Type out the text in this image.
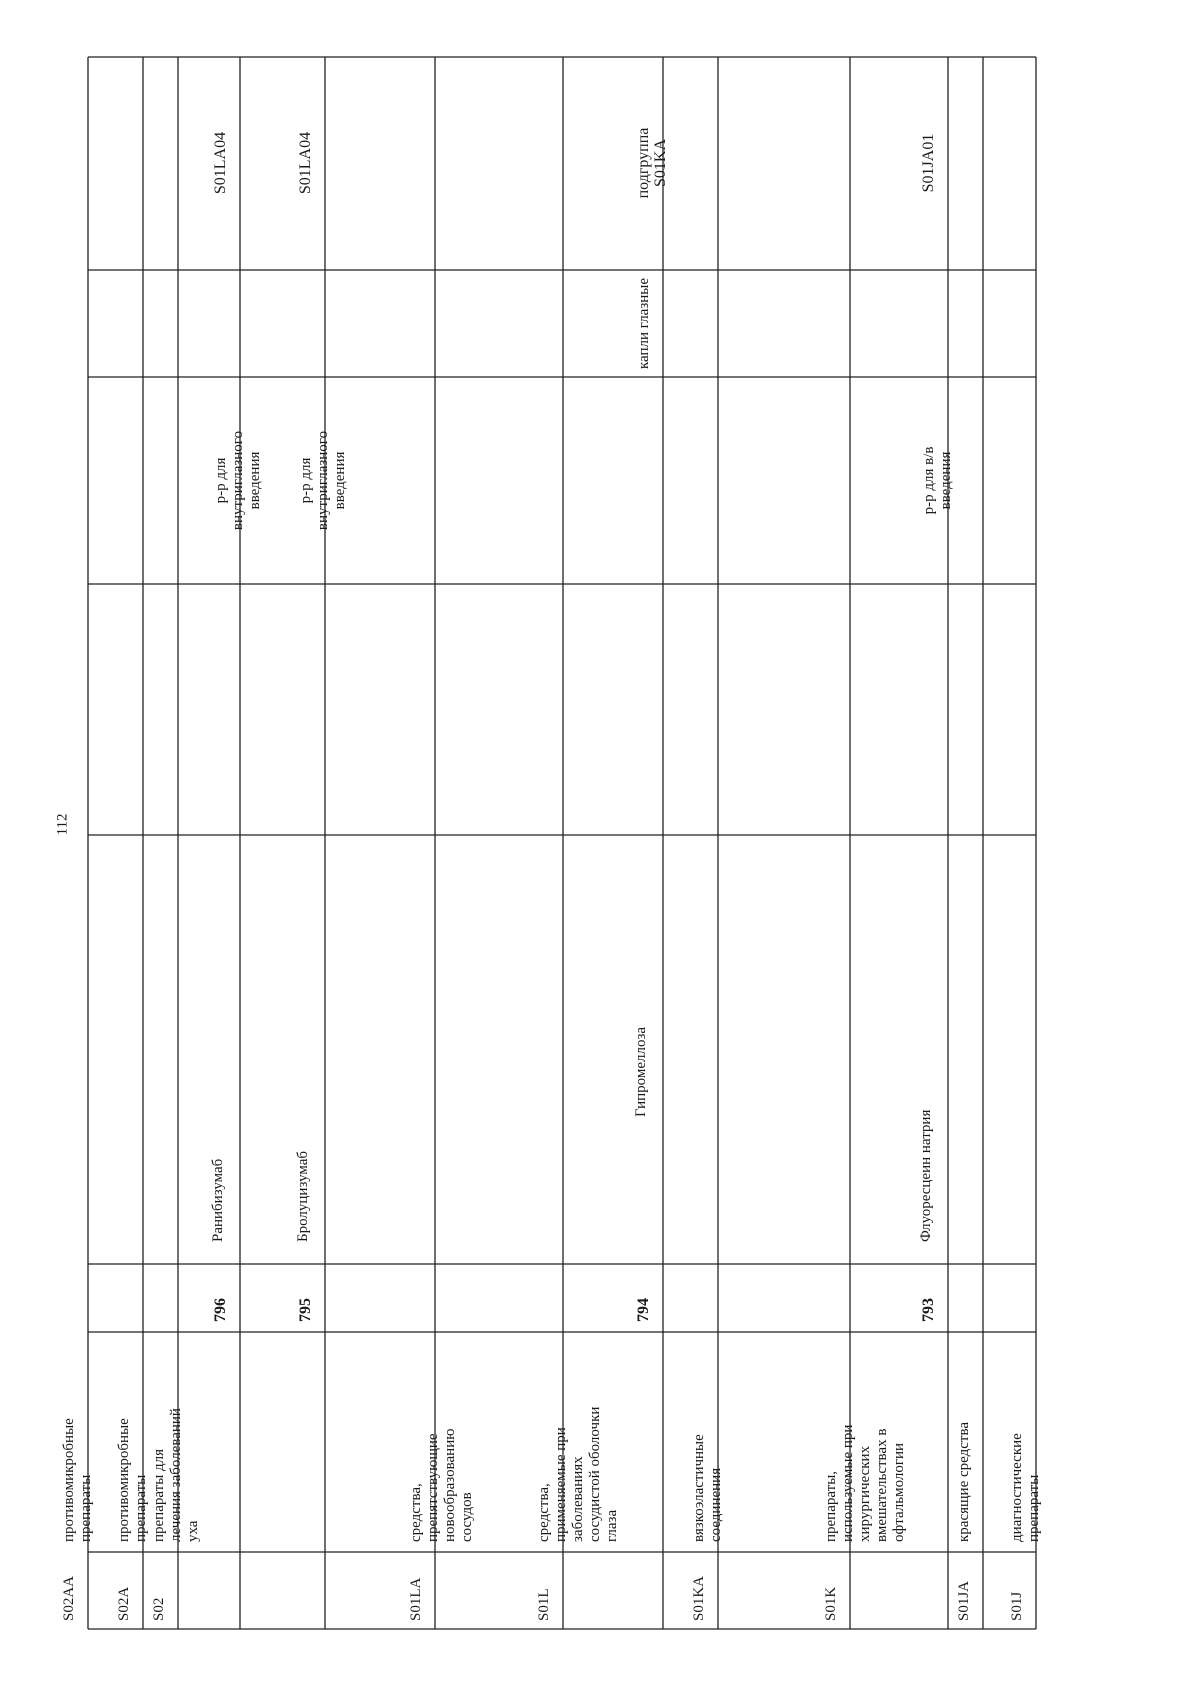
112
S01J
диагностическиепрепараты
S01JA
красящие средства
793
Флуоресцеин натрия
р-р для в/ввведения
S01JA01
S01K
препараты,используемые прихирургическихвмешательствах вофтальмологии
S01KA
вязкоэластичныесоединения
794
Гипромеллоза
капли глазные
подгруппаS01KA
S01L
средства,применяемые призаболеванияхсосудистой оболочкиглаза
S01LA
средства,препятствующиеновообразованиюсосудов
795
Бролуцизумаб
р-р длявнутриглазноговведения
S01LA04
796
Ранибизумаб
р-р длявнутриглазноговведения
S01LA04
S02
препараты длялечения заболеванийуха
S02A
противомикробныепрепараты
S02AA
противомикробныепрепараты
